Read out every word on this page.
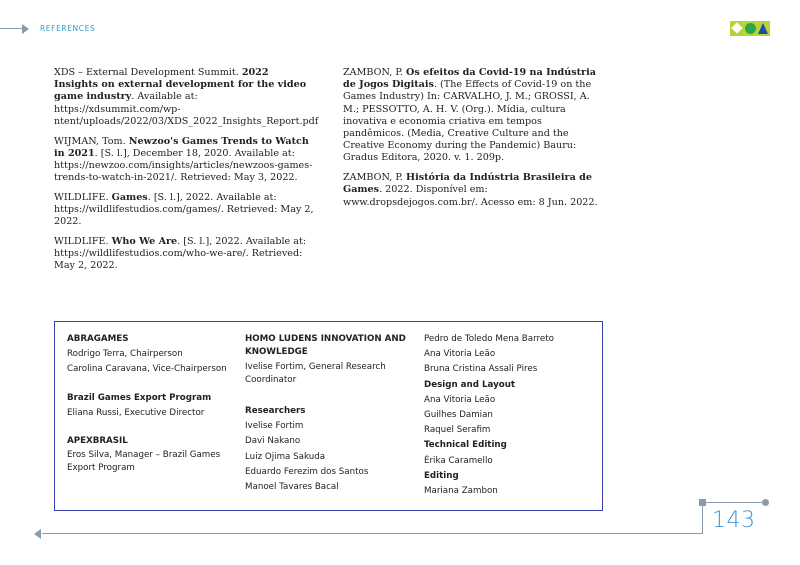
REFERENCES

XDS – External Development Summit. 2022 Insights on external development for the video game industry. Available at: https://xdsummit.com/wp-ntent/uploads/2022/03/XDS_2022_Insights_Report.pdf

WIJMAN, Tom. Newzoo's Games Trends to Watch in 2021. [S. l.], December 18, 2020. Available at: https://newzoo.com/insights/articles/newzoos-games-trends-to-watch-in-2021/. Retrieved: May 3, 2022.

WILDLIFE. Games. [S. l.], 2022. Available at: https://wildlifestudios.com/games/. Retrieved: May 2, 2022.

WILDLIFE. Who We Are. [S. l.], 2022. Available at: https://wildlifestudios.com/who-we-are/. Retrieved: May 2, 2022.

ZAMBON, P. Os efeitos da Covid-19 na Indústria de Jogos Digitais. (The Effects of Covid-19 on the Games Industry) In: CARVALHO, J. M.; GROSSI, A. M.; PESSOTTO, A. H. V. (Org.). Mídia, cultura inovativa e economia criativa em tempos pandêmicos. (Media, Creative Culture and the Creative Economy during the Pandemic) Bauru: Gradus Editora, 2020. v. 1. 209p.

ZAMBON, P. História da Indústria Brasileira de Games. 2022. Disponível em: www.dropsdejogos.com.br/. Acesso em: 8 Jun. 2022.

ABRAGAMES
Rodrigo Terra, Chairperson
Carolina Caravana, Vice-Chairperson
Brazil Games Export Program
Eliana Russi, Executive Director
APEXBRASIL
Eros Silva, Manager – Brazil Games Export Program
HOMO LUDENS INNOVATION AND KNOWLEDGE
Ivelise Fortim, General Research Coordinator
Researchers
Ivelise Fortim
Davi Nakano
Luiz Ojima Sakuda
Eduardo Ferezim dos Santos
Manoel Tavares Bacal
Pedro de Toledo Mena Barreto
Ana Vitoria Leão
Bruna Cristina Assali Pires
Design and Layout
Ana Vitoria Leão
Guilhes Damian
Raquel Serafim
Technical Editing
Érika Caramello
Editing
Mariana Zambon
143
